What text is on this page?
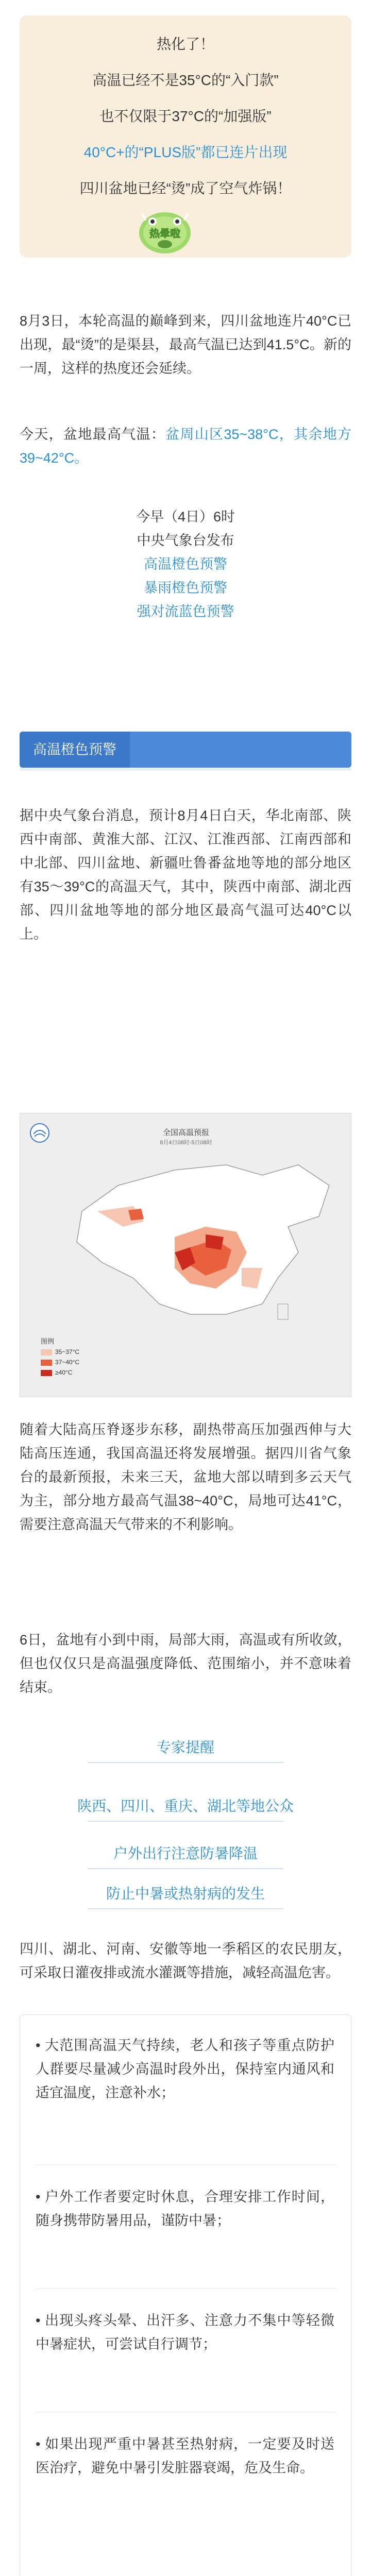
热化了！
高温已经不是35°C的“入门款”
也不仅限于37°C的“加强版”
40°C+的“PLUS版”都已连片出现
四川盆地已经“烫”成了空气炸锅！
热晕啦

8月3日，本轮高温的巅峰到来，四川盆地连片40°C已出现，最“烫”的是渠县，最高气温已达到41.5°C。新的一周，这样的热度还会延续。

今天，盆地最高气温：盆周山区35~38°C，其余地方39~42°C。

今早（4日）6时
中央气象台发布
高温橙色预警
暴雨橙色预警
强对流蓝色预警
高温橙色预警

据中央气象台消息，预计8月4日白天，华北南部、陕西中南部、黄淮大部、江汉、江淮西部、江南西部和中北部、四川盆地、新疆吐鲁番盆地等地的部分地区有35～39°C的高温天气，其中，陕西中南部、湖北西部、四川盆地等地的部分地区最高气温可达40°C以上。

全国高温预报
8月4日08时-5日08时
图例
35~37°C
37~40°C
≥40°C

随着大陆高压脊逐步东移，副热带高压加强西伸与大陆高压连通，我国高温还将发展增强。据四川省气象台的最新预报，未来三天，盆地大部以晴到多云天气为主，部分地方最高气温38~40°C，局地可达41°C，需要注意高温天气带来的不利影响。

6日，盆地有小到中雨，局部大雨，高温或有所收敛，但也仅仅只是高温强度降低、范围缩小，并不意味着结束。

专家提醒
陕西、四川、重庆、湖北等地公众
户外出行注意防暑降温
防止中暑或热射病的发生

四川、湖北、河南、安徽等地一季稻区的农民朋友，可采取日灌夜排或流水灌溉等措施，减轻高温危害。

• 大范围高温天气持续，老人和孩子等重点防护人群要尽量减少高温时段外出，保持室内通风和适宜温度，注意补水；

• 户外工作者要定时休息，合理安排工作时间，随身携带防暑用品，谨防中暑；

• 出现头疼头晕、出汗多、注意力不集中等轻微中暑症状，可尝试自行调节；

• 如果出现严重中暑甚至热射病，一定要及时送医治疗，避免中暑引发脏器衰竭，危及生命。
